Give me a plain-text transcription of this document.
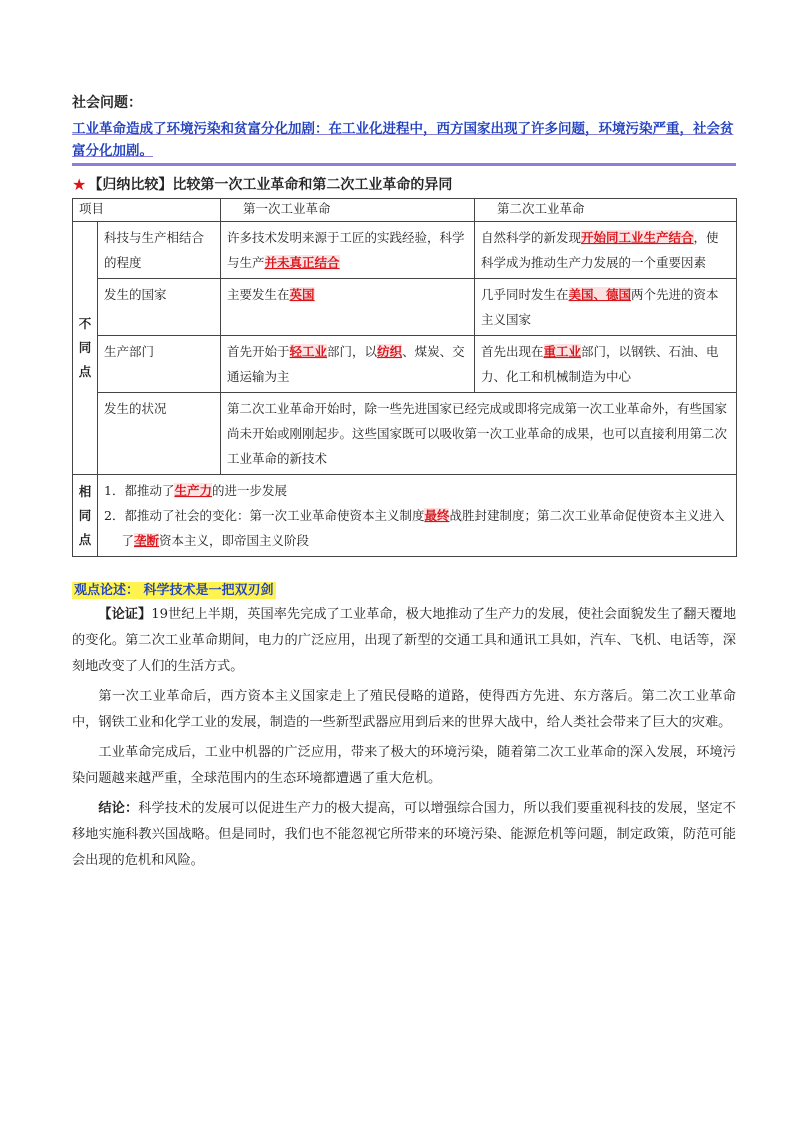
社会问题：
工业革命造成了环境污染和贫富分化加剧：在工业化进程中，西方国家出现了许多问题，环境污染严重，社会贫富分化加剧。
★ 【归纳比较】比较第一次工业革命和第二次工业革命的异同
项目		第一次工业革命	第二次工业革命
不同点	科技与生产相结合的程度	许多技术发明来源于工匠的实践经验，科学与生产并未真正结合	自然科学的新发现开始同工业生产结合，使科学成为推动生产力发展的一个重要因素
	发生的国家	主要发生在英国	几乎同时发生在美国、德国两个先进的资本主义国家
	生产部门	首先开始于轻工业部门，以纺织、煤炭、交通运输为主	首先出现在重工业部门，以钢铁、石油、电力、化工和机械制造为中心
	发生的状况	第二次工业革命开始时，除一些先进国家已经完成或即将完成第一次工业革命外，有些国家尚未开始或刚刚起步。这些国家既可以吸收第一次工业革命的成果，也可以直接利用第二次工业革命的新技术	
相同点	1．都推动了生产力的进一步发展
2．都推动了社会的变化：第一次工业革命使资本主义制度最终战胜封建制度；第二次工业革命促使资本主义进入了垄断资本主义，即帝国主义阶段		
观点论述： 科学技术是一把双刃剑

【论证】19世纪上半期，英国率先完成了工业革命，极大地推动了生产力的发展，使社会面貌发生了翻天覆地的变化。第二次工业革命期间，电力的广泛应用，出现了新型的交通工具和通讯工具如，汽车、飞机、电话等，深刻地改变了人们的生活方式。

第一次工业革命后，西方资本主义国家走上了殖民侵略的道路，使得西方先进、东方落后。第二次工业革命中，钢铁工业和化学工业的发展，制造的一些新型武器应用到后来的世界大战中，给人类社会带来了巨大的灾难。

工业革命完成后，工业中机器的广泛应用，带来了极大的环境污染，随着第二次工业革命的深入发展，环境污染问题越来越严重，全球范围内的生态环境都遭遇了重大危机。

结论：科学技术的发展可以促进生产力的极大提高，可以增强综合国力，所以我们要重视科技的发展，坚定不移地实施科教兴国战略。但是同时，我们也不能忽视它所带来的环境污染、能源危机等问题，制定政策，防范可能会出现的危机和风险。
